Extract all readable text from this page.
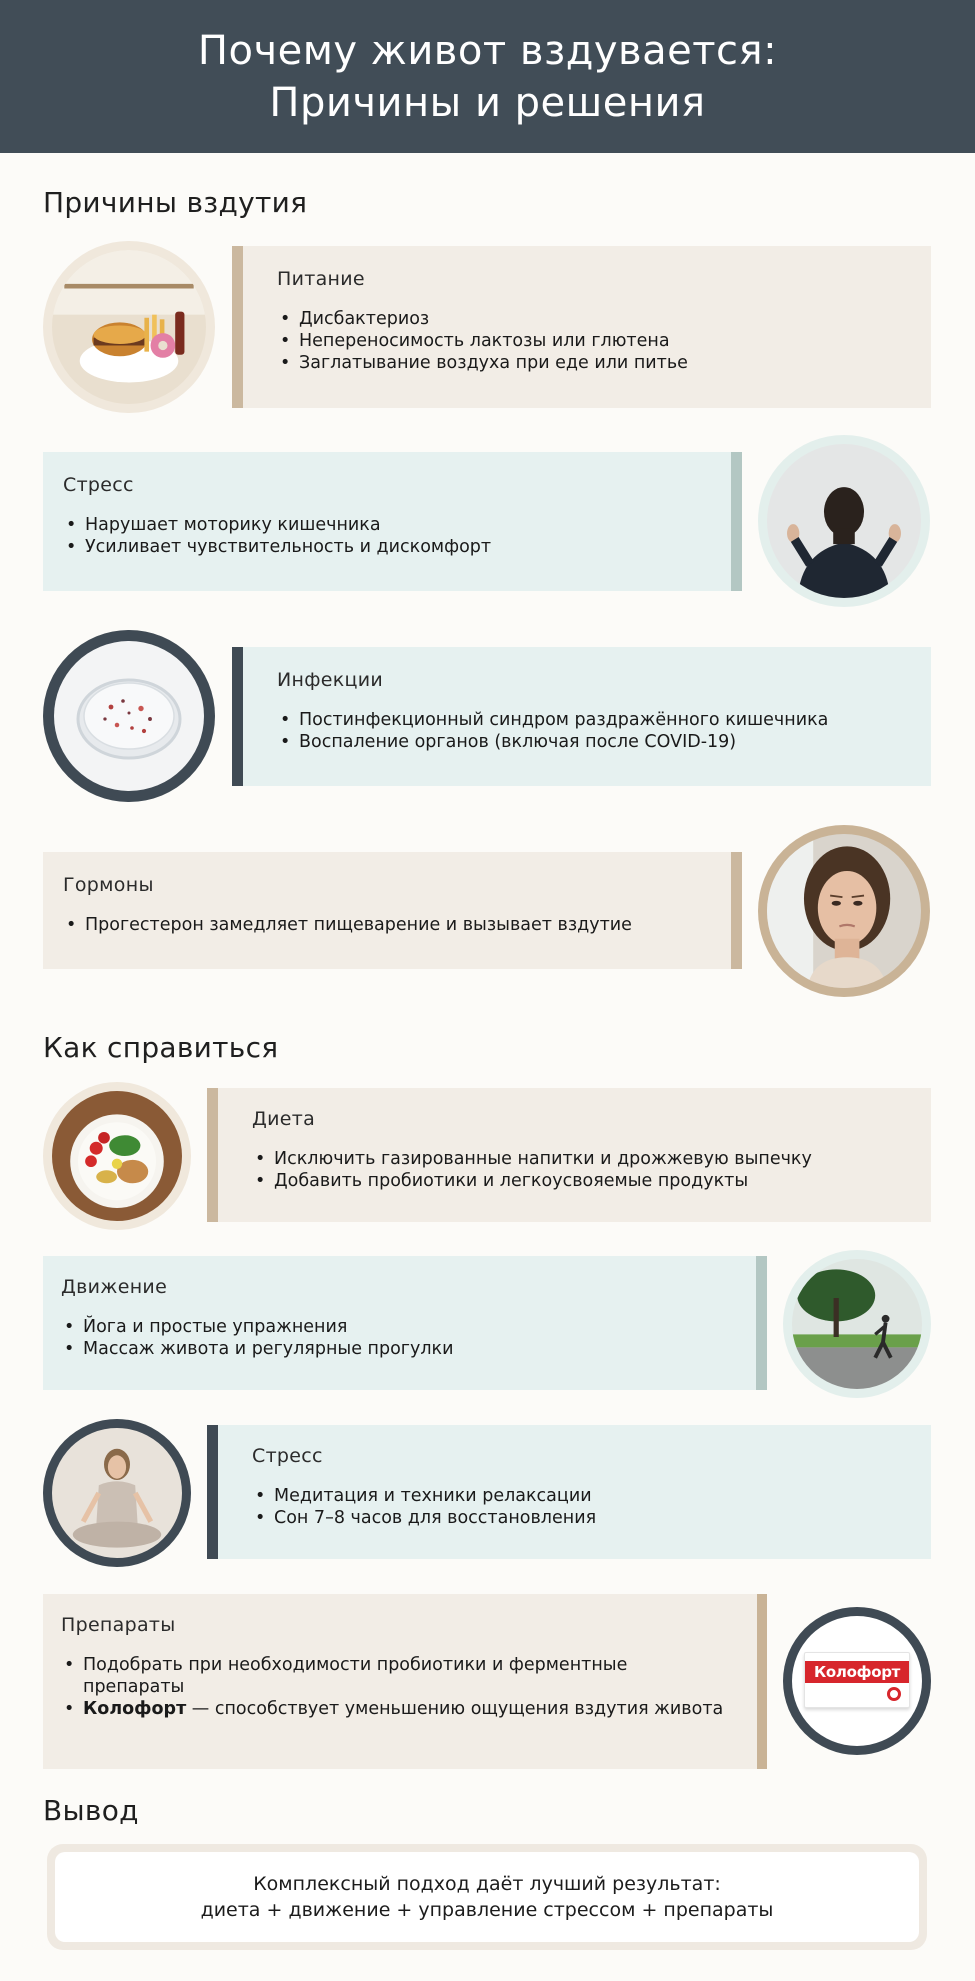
Почему живот вздувается:
Причины и решения
Причины вздутия
Питание
• Дисбактериоз
• Непереносимость лактозы или глютена
• Заглатывание воздуха при еде или питье
Стресс
• Нарушает моторику кишечника
• Усиливает чувствительность и дискомфорт
Инфекции
• Постинфекционный синдром раздражённого кишечника
• Воспаление органов (включая после COVID-19)
Гормоны
• Прогестерон замедляет пищеварение и вызывает вздутие
Как справиться
Диета
• Исключить газированные напитки и дрожжевую выпечку
• Добавить пробиотики и легкоусвояемые продукты
Движение
• Йога и простые упражнения
• Массаж живота и регулярные прогулки
Стресс
• Медитация и техники релаксации
• Сон 7–8 часов для восстановления
Препараты
• Подобрать при необходимости пробиотики и ферментные препараты
• Колофорт — способствует уменьшению ощущения вздутия живота
Колофорт
Вывод
Комплексный подход даёт лучший результат:
диета + движение + управление стрессом + препараты
